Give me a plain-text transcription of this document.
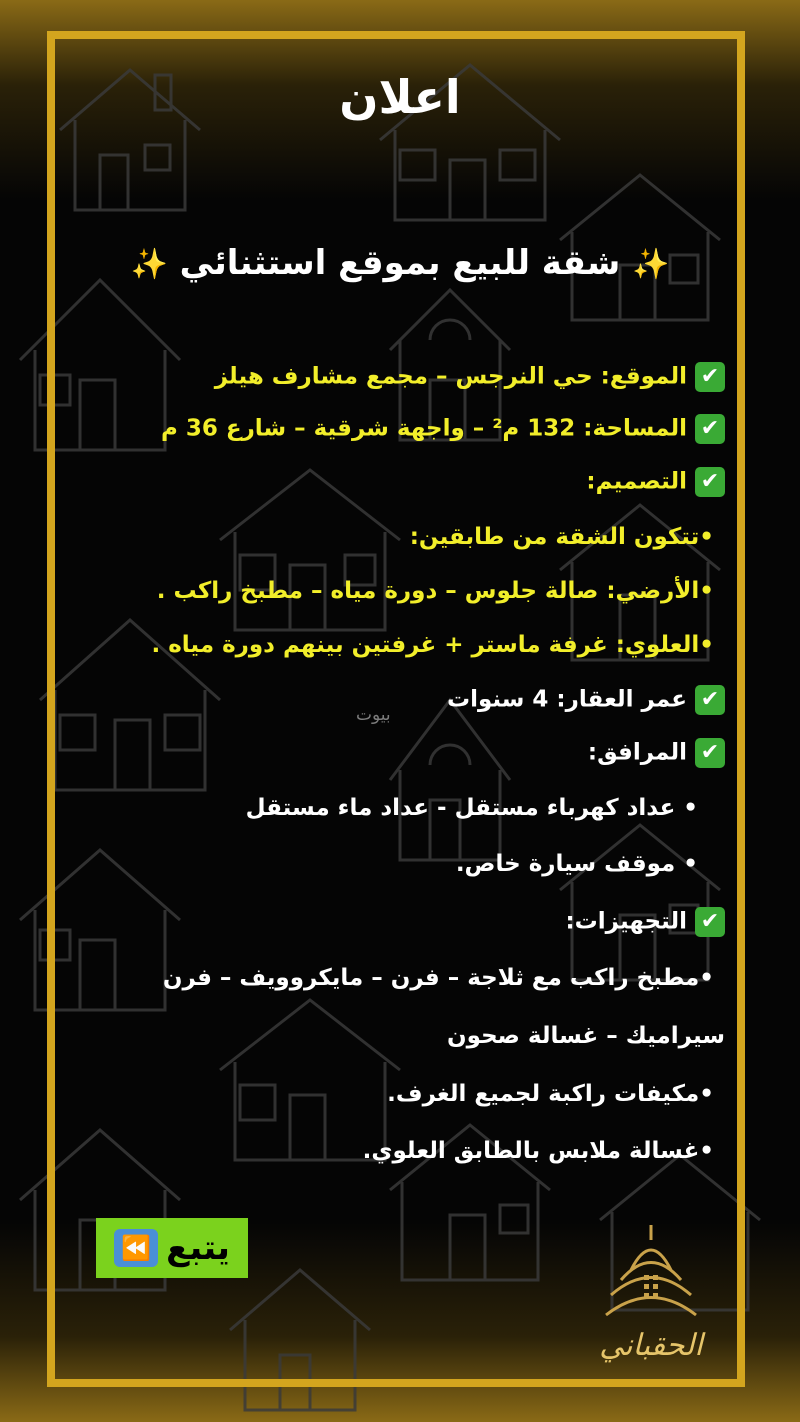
اعلان
✨ شقة للبيع بموقع استثنائي ✨
✔الموقع: حي النرجس – مجمع مشارف هيلز
✔المساحة: 132 م² – واجهة شرقية – شارع 36 م
✔التصميم:
•تتكون الشقة من طابقين:
•الأرضي: صالة جلوس – دورة مياه – مطبخ راكب .
•العلوي: غرفة ماستر + غرفتين بينهم دورة مياه .
✔عمر العقار: 4 سنوات
بيوت
✔المرافق:
• عداد كهرباء مستقل - عداد ماء مستقل
• موقف سيارة خاص.
✔التجهيزات:
•مطبخ راكب مع ثلاجة – فرن – مايكروويف – فرن
سيراميك – غسالة صحون
•مكيفات راكبة لجميع الغرف.
•غسالة ملابس بالطابق العلوي.
يتبع
⏪
الحقباني
